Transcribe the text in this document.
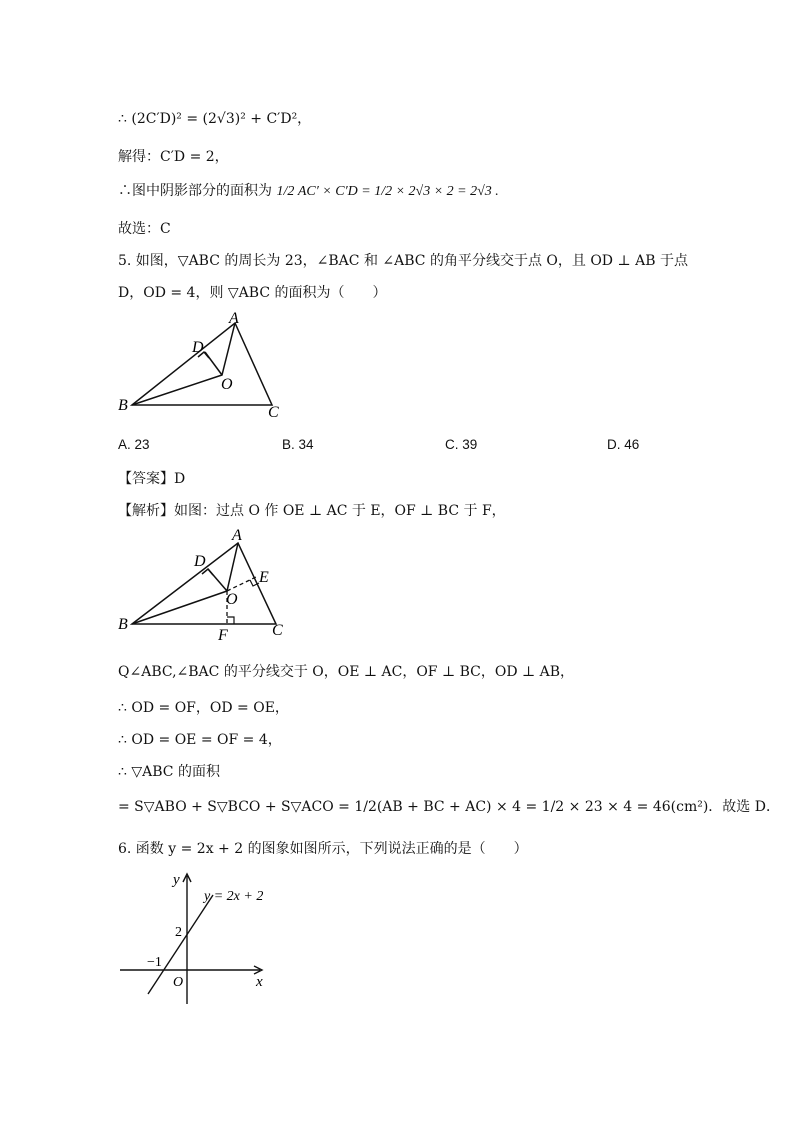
∴ (2C′D)² = (2√3)² + C′D²，
解得：C′D = 2，
∴图中阴影部分的面积为 1/2 AC′ × C′D = 1/2 × 2√3 × 2 = 2√3 .
故选：C
5. 如图，▽ABC 的周长为 23，∠BAC 和 ∠ABC 的角平分线交于点 O，且 OD ⊥ AB 于点
D，OD = 4，则 ▽ABC 的面积为（　　）
B
A
C
D
O
A. 23	B. 34	C. 39	D. 46
【答案】D
【解析】如图：过点 O 作 OE ⊥ AC 于 E，OF ⊥ BC 于 F，
B
A
C
D
O
E
F
Q∠ABC,∠BAC 的平分线交于 O，OE ⊥ AC，OF ⊥ BC，OD ⊥ AB，
∴ OD = OF，OD = OE，
∴ OD = OE = OF = 4，
∴ ▽ABC 的面积
= S▽ABO + S▽BCO + S▽ACO = 1/2(AB + BC + AC) × 4 = 1/2 × 23 × 4 = 46(cm²)．故选 D．
6. 函数 y = 2x + 2 的图象如图所示，下列说法正确的是（　　）
y
x
O
2
−1
y = 2x + 2
